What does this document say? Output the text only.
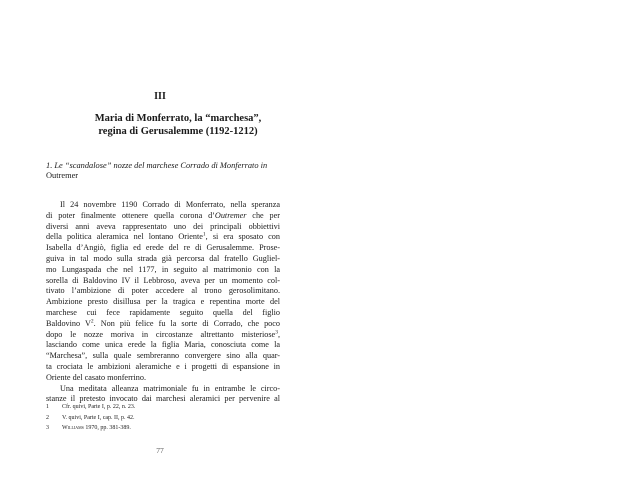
III
Maria di Monferrato, la “marchesa”,
regina di Gerusalemme (1192-1212)
1. Le “scandalose” nozze del marchese Corrado di Monferrato in
Outremer
Il 24 novembre 1190 Corrado di Monferrato, nella speranza
di poter finalmente ottenere quella corona d’Outremer che per
diversi anni aveva rappresentato uno dei principali obbiettivi
della politica aleramica nel lontano Oriente$^1$, si era sposato con
Isabella d’Angiò, figlia ed erede del re di Gerusalemme. Prose-
guiva in tal modo sulla strada già percorsa dal fratello Gugliel-
mo Lungaspada che nel 1177, in seguito al matrimonio con la
sorella di Baldovino IV il Lebbroso, aveva per un momento col-
tivato l’ambizione di poter accedere al trono gerosolimitano.
Ambizione presto disillusa per la tragica e repentina morte del
marchese cui fece rapidamente seguito quella del figlio
Baldovino $V^2$. Non più felice fu la sorte di Corrado, che poco
dopo le nozze moriva in circostanze altrettanto misteriose$^3$,
lasciando come unica erede la figlia Maria, conosciuta come la
“Marchesa”, sulla quale sembreranno convergere sino alla quar-
ta crociata le ambizioni aleramiche e i progetti di espansione in
Oriente del casato monferrino.
Una meditata alleanza matrimoniale fu in entrambe le circo-
stanze il pretesto invocato dai marchesi aleramici per pervenire al
1	Cfr. quivi, Parte I, p. 22, n. 23.
2	V. quivi, Parte I, cap. II, p. 42.
3	Williams 1970, pp. 381-389.
77
